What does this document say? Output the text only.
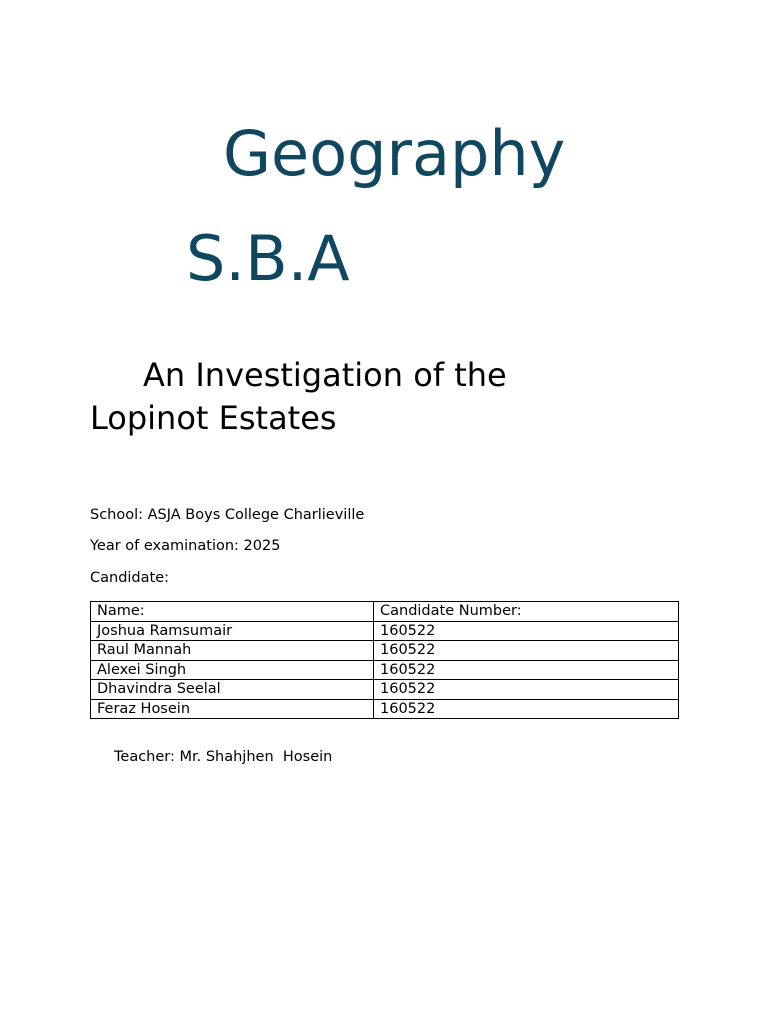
Geography
S.B.A
An Investigation of the Lopinot Estates
School: ASJA Boys College Charlieville
Year of examination: 2025
Candidate:
Name:	Candidate Number:
Joshua Ramsumair	160522
Raul Mannah	160522
Alexei Singh	160522
Dhavindra Seelal	160522
Feraz Hosein	160522
Teacher: Mr. Shahjhen  Hosein
